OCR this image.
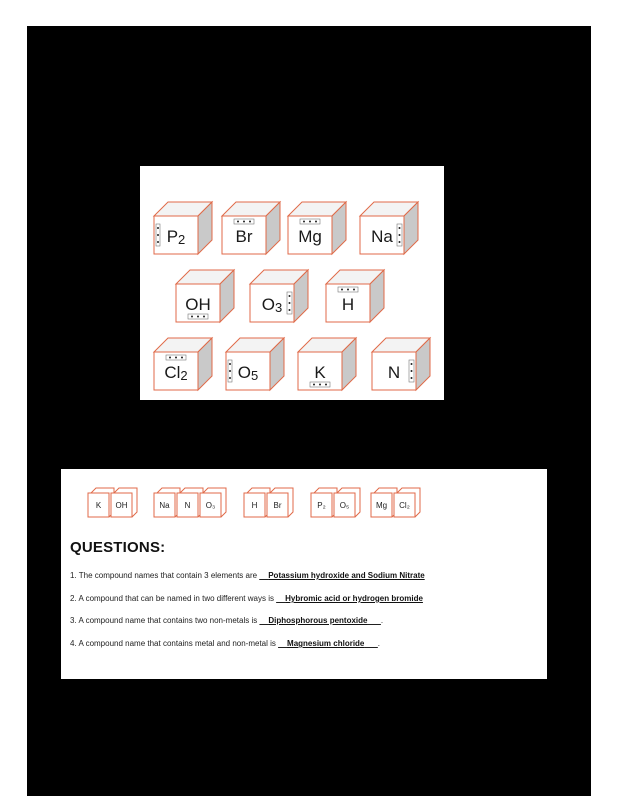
P2	Br	Mg	Na
OH	O3	H
Cl2	O5	K	N
K OH	Na N O₃	H Br	P₂ O₅	Mg Cl₂
QUESTIONS:
1. The compound names that contain 3 elements are __Potassium hydroxide and Sodium Nitrate
2. A compound that can be named in two different ways is __Hybromic acid or hydrogen bromide
3. A compound name that contains two non-metals is __Diphosphorous pentoxide___.
4. A compound name that contains metal and non-metal is __Magnesium chloride___.
